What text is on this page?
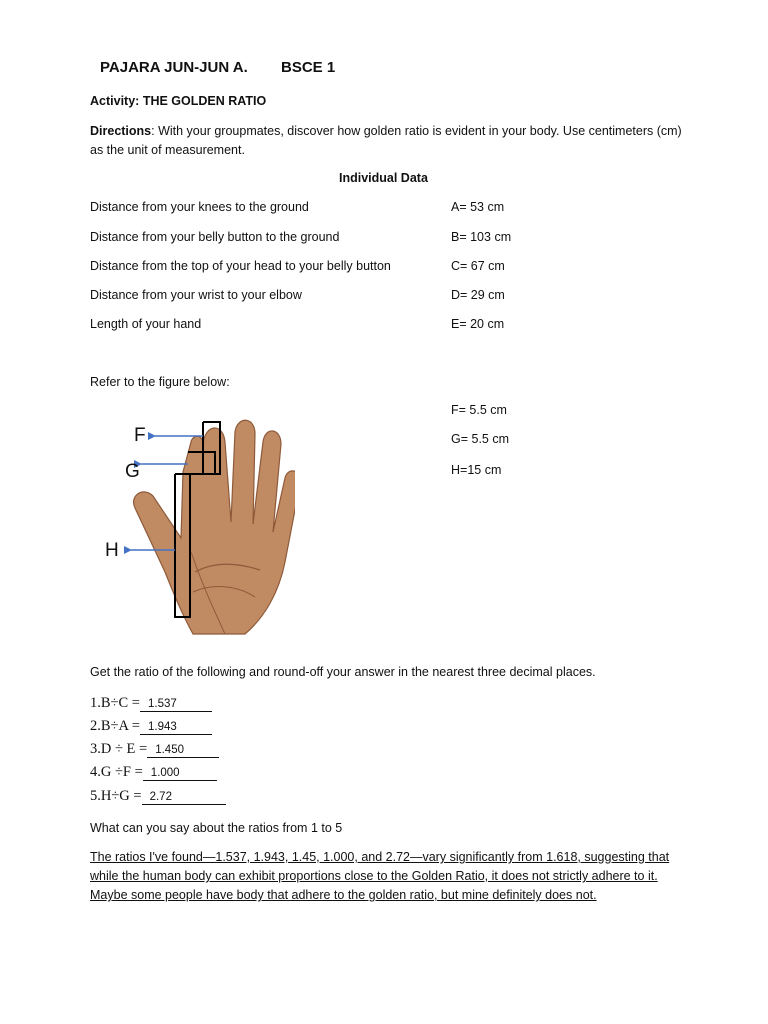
PAJARA JUN-JUN A. BSCE 1
Activity: THE GOLDEN RATIO
Directions: With your groupmates, discover how golden ratio is evident in your body. Use centimeters (cm) as the unit of measurement.
Individual Data
Distance from your knees to the ground	A= 53 cm
Distance from your belly button to the ground	B= 103 cm
Distance from the top of your head to your belly button	C= 67 cm
Distance from your wrist to your elbow	D= 29 cm
Length of your hand	E= 20 cm
Refer to the figure below:
F= 5.5 cm
G= 5.5 cm
H=15 cm
F
G
H
Get the ratio of the following and round-off your answer in the nearest three decimal places.
1.B÷C = 1.537
2.B÷A = 1.943
3.D ÷ E = 1.450
4.G ÷F = 1.000
5.H÷G = 2.72
What can you say about the ratios from 1 to 5
The ratios I've found—1.537, 1.943, 1.45, 1.000, and 2.72—vary significantly from 1.618, suggesting that while the human body can exhibit proportions close to the Golden Ratio, it does not strictly adhere to it. Maybe some people have body that adhere to the golden ratio, but mine definitely does not.
